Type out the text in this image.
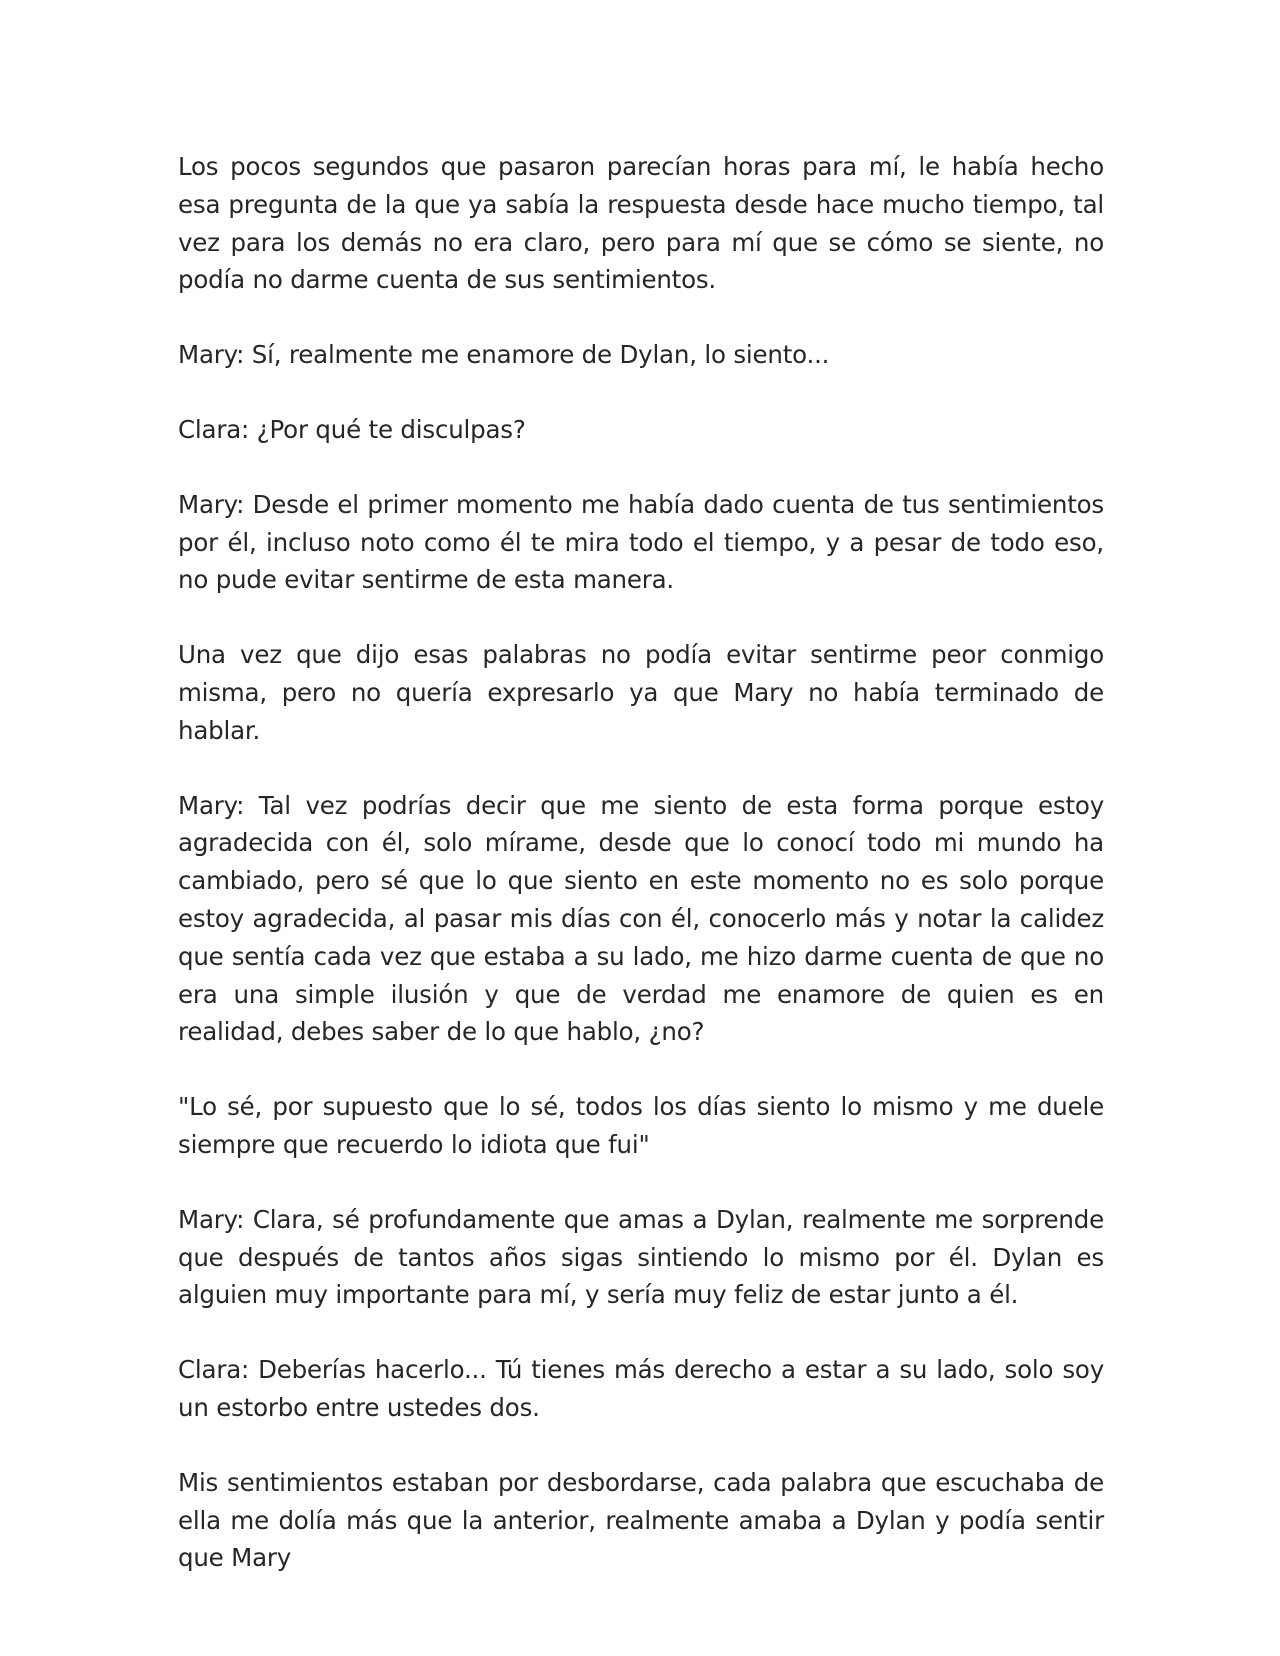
Los pocos segundos que pasaron parecían horas para mí, le había hecho esa pregunta de la que ya sabía la respuesta desde hace mucho tiempo, tal vez para los demás no era claro, pero para mí que se cómo se siente, no podía no darme cuenta de sus sentimientos.

Mary: Sí, realmente me enamore de Dylan, lo siento...

Clara: ¿Por qué te disculpas?

Mary: Desde el primer momento me había dado cuenta de tus sentimientos por él, incluso noto como él te mira todo el tiempo, y a pesar de todo eso, no pude evitar sentirme de esta manera.

Una vez que dijo esas palabras no podía evitar sentirme peor conmigo misma, pero no quería expresarlo ya que Mary no había terminado de hablar.

Mary: Tal vez podrías decir que me siento de esta forma porque estoy agradecida con él, solo mírame, desde que lo conocí todo mi mundo ha cambiado, pero sé que lo que siento en este momento no es solo porque estoy agradecida, al pasar mis días con él, conocerlo más y notar la calidez que sentía cada vez que estaba a su lado, me hizo darme cuenta de que no era una simple ilusión y que de verdad me enamore de quien es en realidad, debes saber de lo que hablo, ¿no?

"Lo sé, por supuesto que lo sé, todos los días siento lo mismo y me duele siempre que recuerdo lo idiota que fui"

Mary: Clara, sé profundamente que amas a Dylan, realmente me sorprende que después de tantos años sigas sintiendo lo mismo por él. Dylan es alguien muy importante para mí, y sería muy feliz de estar junto a él.

Clara: Deberías hacerlo... Tú tienes más derecho a estar a su lado, solo soy un estorbo entre ustedes dos.

Mis sentimientos estaban por desbordarse, cada palabra que escuchaba de ella me dolía más que la anterior, realmente amaba a Dylan y podía sentir que Mary
